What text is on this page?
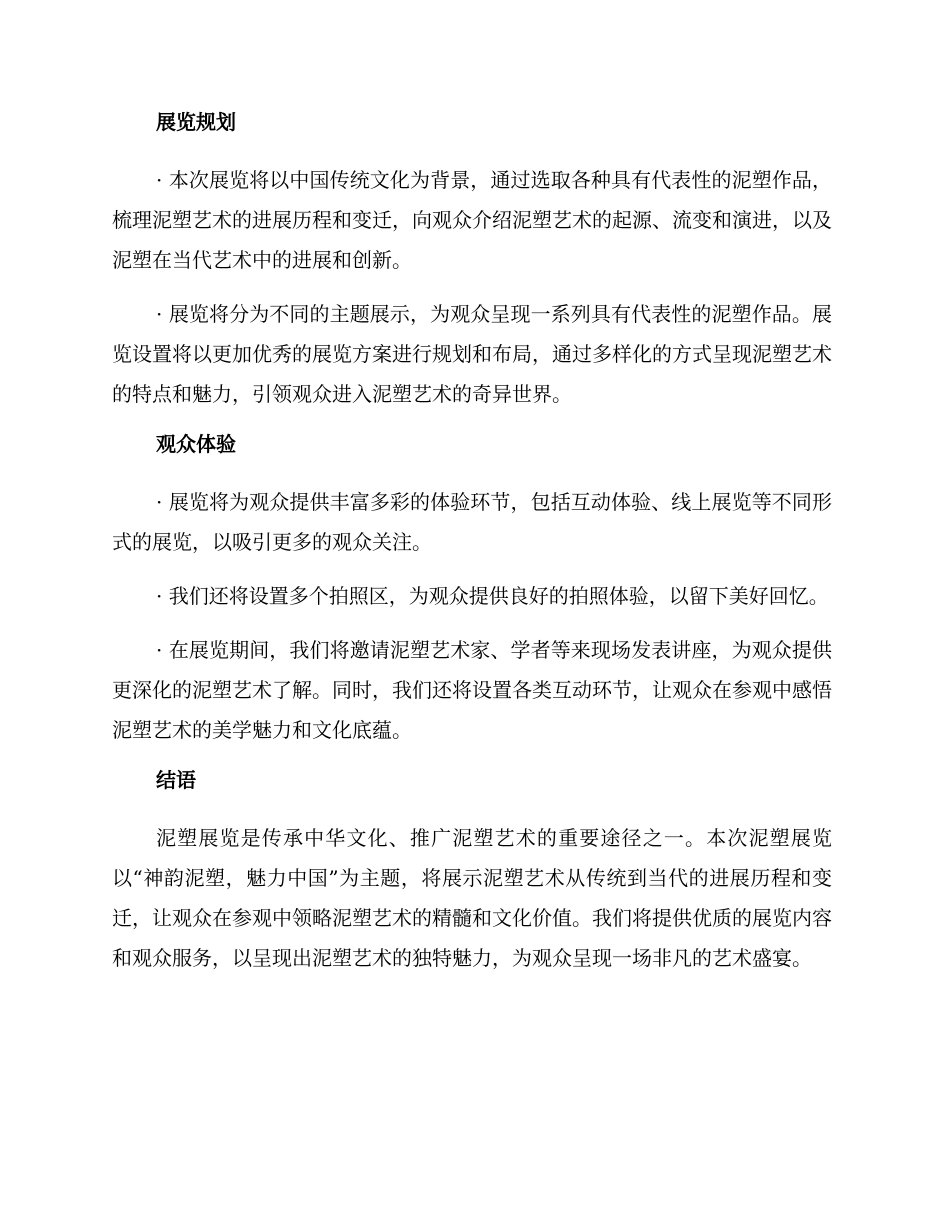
展览规划

· 本次展览将以中国传统文化为背景，通过选取各种具有代表性的泥塑作品，梳理泥塑艺术的进展历程和变迁，向观众介绍泥塑艺术的起源、流变和演进，以及泥塑在当代艺术中的进展和创新。

· 展览将分为不同的主题展示，为观众呈现一系列具有代表性的泥塑作品。展览设置将以更加优秀的展览方案进行规划和布局，通过多样化的方式呈现泥塑艺术的特点和魅力，引领观众进入泥塑艺术的奇异世界。

观众体验

· 展览将为观众提供丰富多彩的体验环节，包括互动体验、线上展览等不同形式的展览，以吸引更多的观众关注。

· 我们还将设置多个拍照区，为观众提供良好的拍照体验，以留下美好回忆。

· 在展览期间，我们将邀请泥塑艺术家、学者等来现场发表讲座，为观众提供更深化的泥塑艺术了解。同时，我们还将设置各类互动环节，让观众在参观中感悟泥塑艺术的美学魅力和文化底蕴。

结语

泥塑展览是传承中华文化、推广泥塑艺术的重要途径之一。本次泥塑展览以“神韵泥塑，魅力中国”为主题，将展示泥塑艺术从传统到当代的进展历程和变迁，让观众在参观中领略泥塑艺术的精髓和文化价值。我们将提供优质的展览内容和观众服务，以呈现出泥塑艺术的独特魅力，为观众呈现一场非凡的艺术盛宴。
